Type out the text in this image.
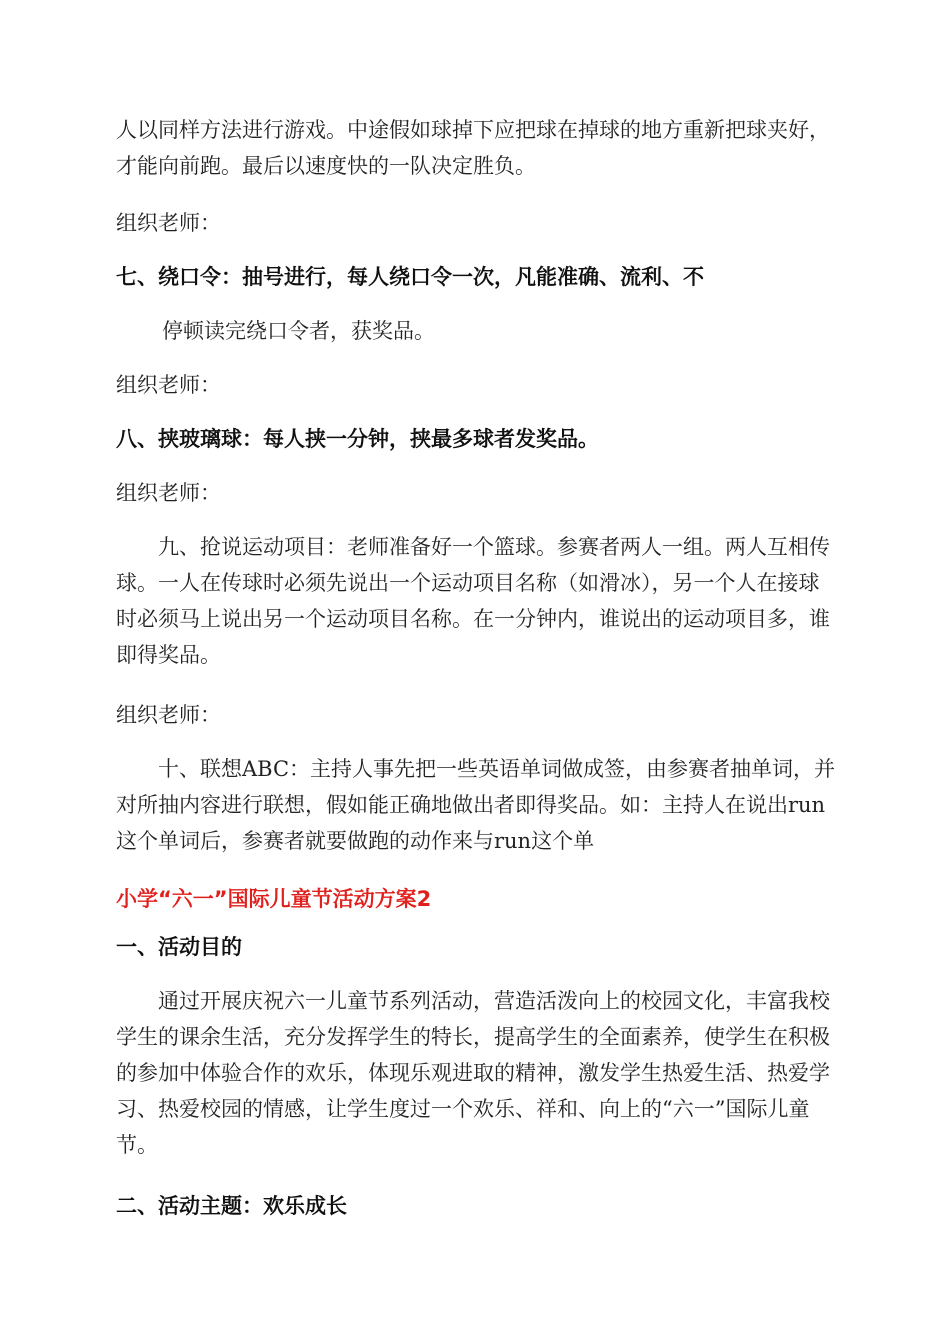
人以同样方法进行游戏。中途假如球掉下应把球在掉球的地方重新把球夹好，才能向前跑。最后以速度快的一队决定胜负。

组织老师：

七、绕口令：抽号进行，每人绕口令一次，凡能准确、流利、不

停顿读完绕口令者，获奖品。

组织老师：

八、挟玻璃球：每人挟一分钟，挟最多球者发奖品。

组织老师：

九、抢说运动项目：老师准备好一个篮球。参赛者两人一组。两人互相传球。一人在传球时必须先说出一个运动项目名称（如滑冰），另一个人在接球时必须马上说出另一个运动项目名称。在一分钟内，谁说出的运动项目多，谁即得奖品。

组织老师：

十、联想ABC：主持人事先把一些英语单词做成签，由参赛者抽单词，并对所抽内容进行联想，假如能正确地做出者即得奖品。如：主持人在说出run这个单词后，参赛者就要做跑的动作来与run这个单

小学“六一”国际儿童节活动方案2

一、活动目的

通过开展庆祝六一儿童节系列活动，营造活泼向上的校园文化，丰富我校学生的课余生活，充分发挥学生的特长，提高学生的全面素养，使学生在积极的参加中体验合作的欢乐，体现乐观进取的精神，激发学生热爱生活、热爱学习、热爱校园的情感，让学生度过一个欢乐、祥和、向上的“六一”国际儿童节。

二、活动主题：欢乐成长
